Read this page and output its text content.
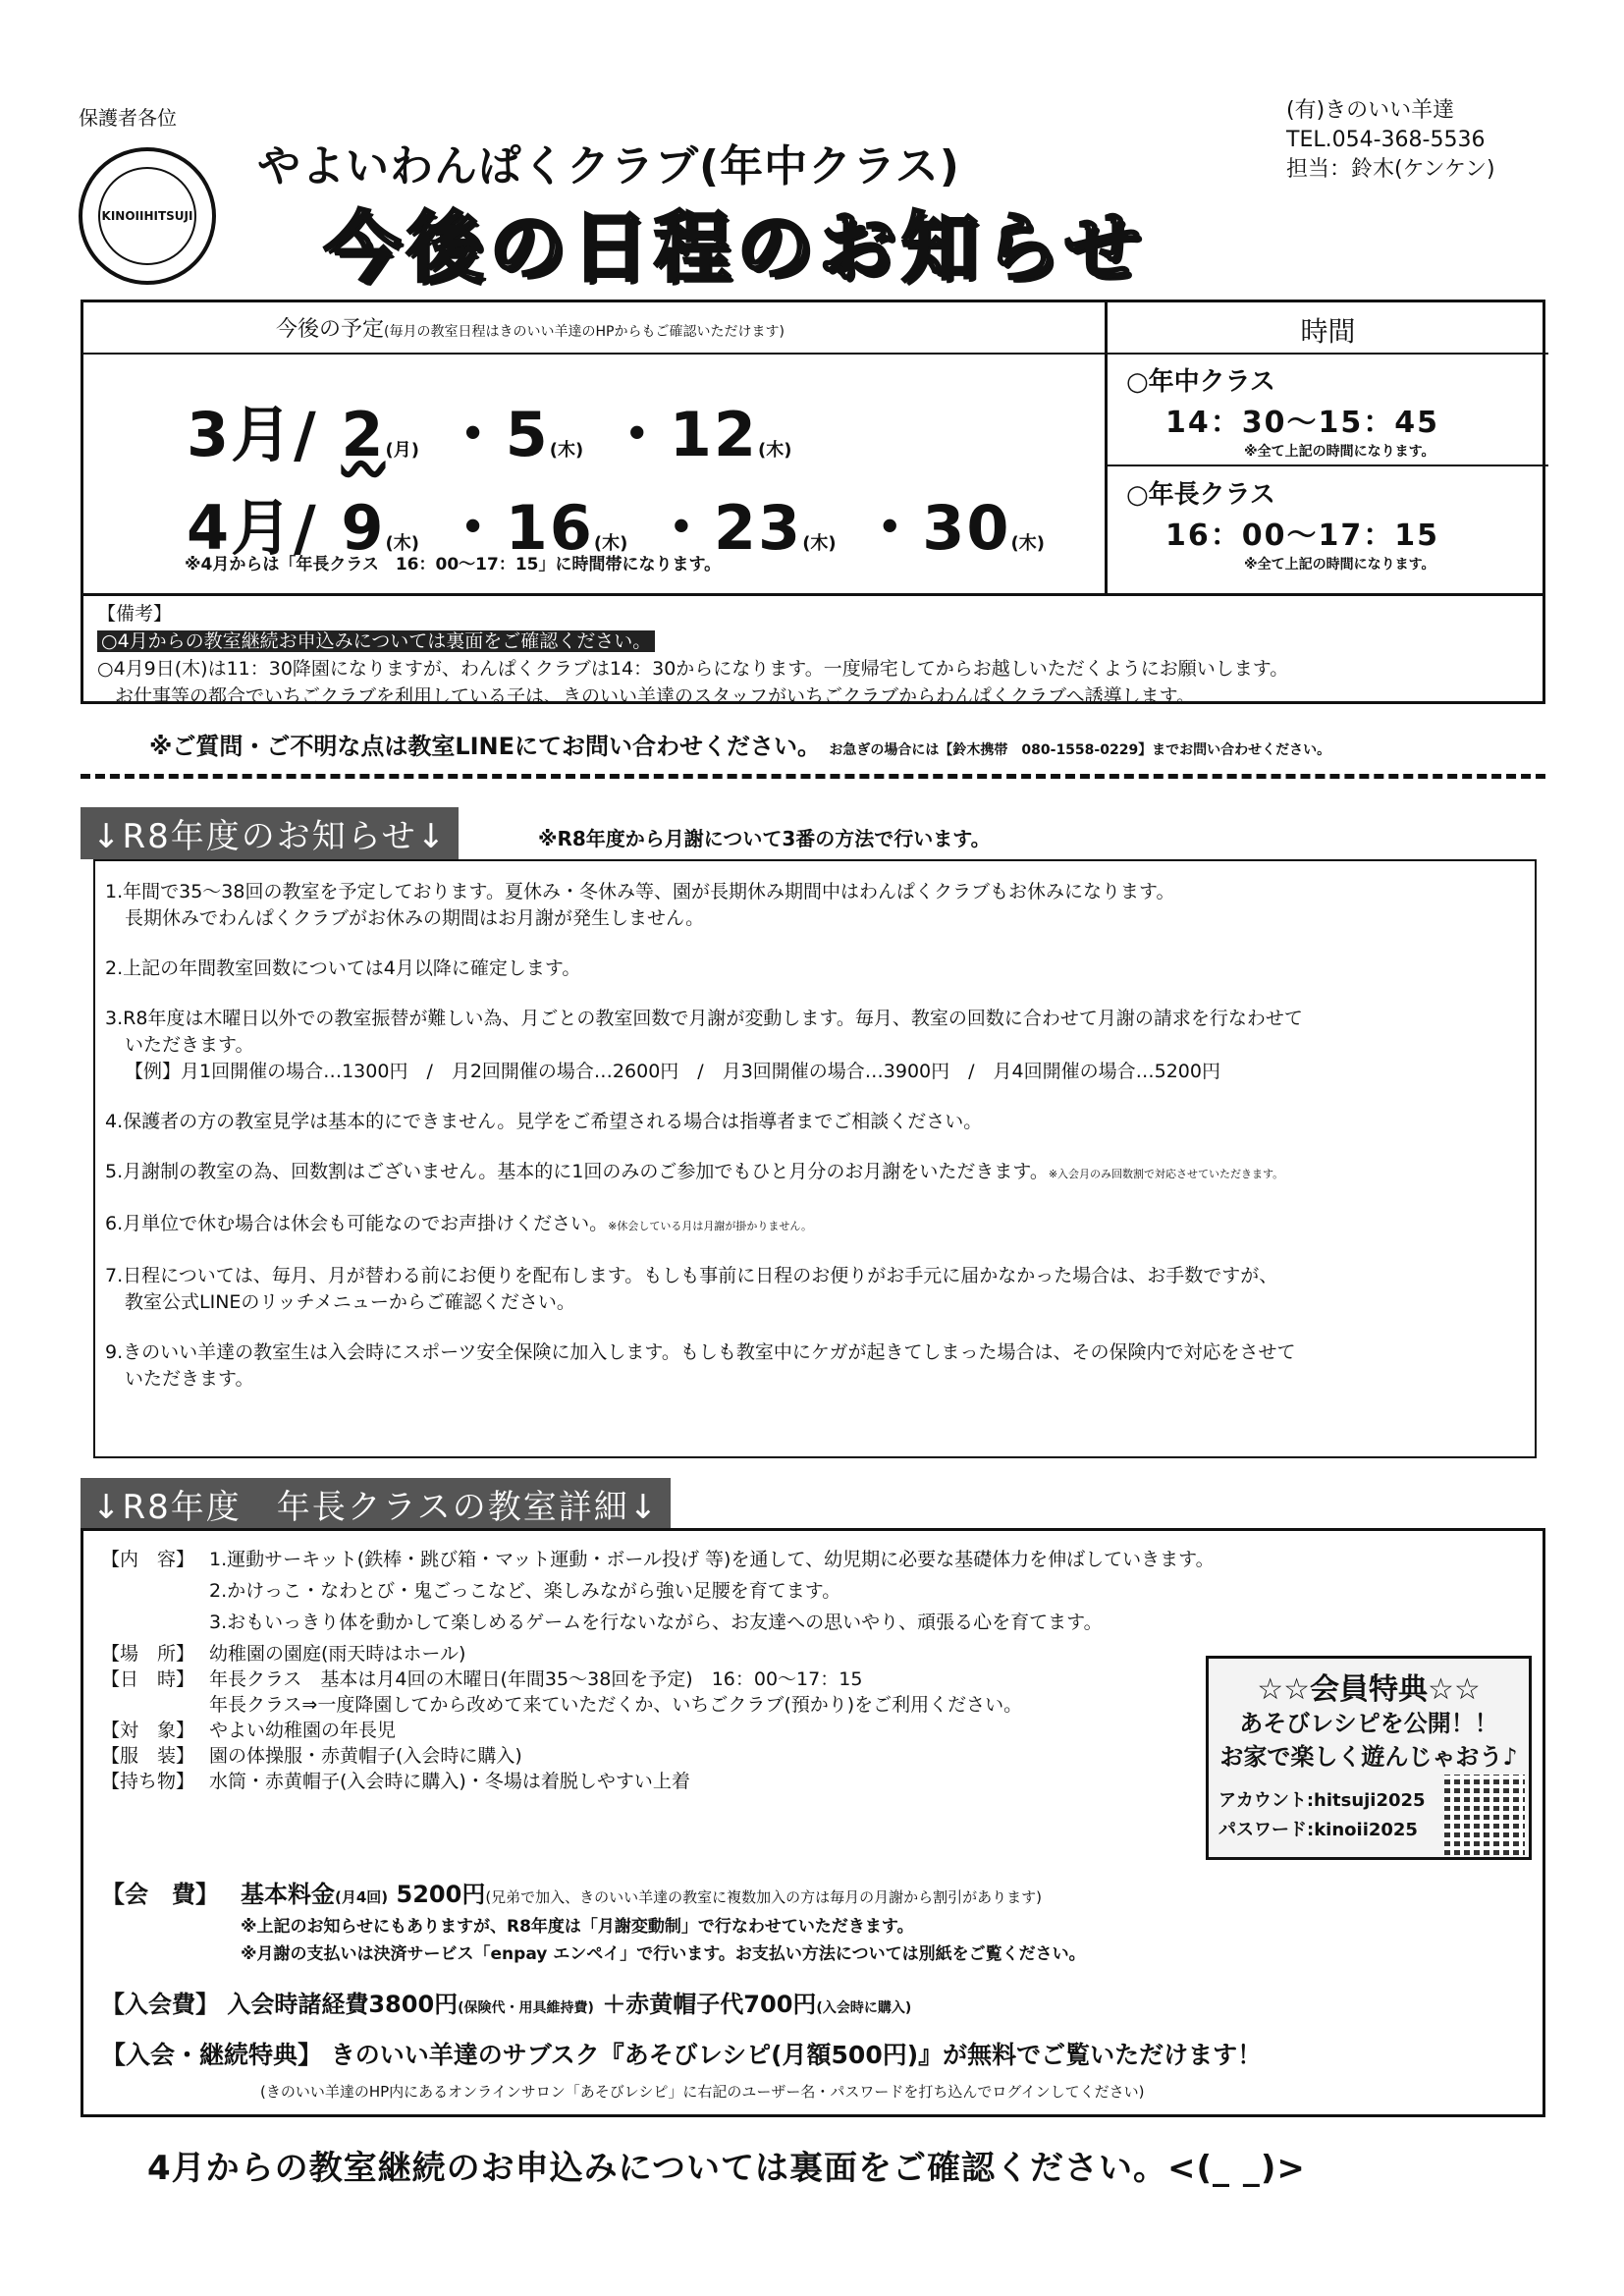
保護者各位
KINOIIHITSUJI
やよいわんぱくクラブ(年中クラス)
今後の日程のお知らせ
(有)きのいい羊達
TEL.054-368-5536
担当：鈴木(ケンケン)
今後の予定(毎月の教室日程はきのいい羊達のHPからもご確認いただけます)	時間
3月/ 2(月) ・5(木) ・12(木)
4月/ 9(木) ・16(木) ・23(木) ・30(木)
※4月からは「年長クラス　16：00～17：15」に時間帯になります。
○年中クラス
14：30～15：45
※全て上記の時間になります。
○年長クラス
16：00～17：15
※全て上記の時間になります。
【備考】
○4月からの教室継続お申込みについては裏面をご確認ください。
○4月9日(木)は11：30降園になりますが、わんぱくクラブは14：30からになります。一度帰宅してからお越しいただくようにお願いします。
お仕事等の都合でいちごクラブを利用している子は、きのいい羊達のスタッフがいちごクラブからわんぱくクラブへ誘導します。
※ご質問・ご不明な点は教室LINEにてお問い合わせください。 お急ぎの場合には【鈴木携帯　080-1558-0229】までお問い合わせください。
↓R8年度のお知らせ↓	※R8年度から月謝について3番の方法で行います。
1.年間で35～38回の教室を予定しております。夏休み・冬休み等、園が長期休み期間中はわんぱくクラブもお休みになります。
長期休みでわんぱくクラブがお休みの期間はお月謝が発生しません。
2.上記の年間教室回数については4月以降に確定します。
3.R8年度は木曜日以外での教室振替が難しい為、月ごとの教室回数で月謝が変動します。毎月、教室の回数に合わせて月謝の請求を行なわせて
いただきます。
【例】月1回開催の場合…1300円　/　月2回開催の場合…2600円　/　月3回開催の場合…3900円　/　月4回開催の場合…5200円
4.保護者の方の教室見学は基本的にできません。見学をご希望される場合は指導者までご相談ください。
5.月謝制の教室の為、回数割はございません。基本的に1回のみのご参加でもひと月分のお月謝をいただきます。※入会月のみ回数割で対応させていただきます。
6.月単位で休む場合は休会も可能なのでお声掛けください。※休会している月は月謝が掛かりません。
7.日程については、毎月、月が替わる前にお便りを配布します。もしも事前に日程のお便りがお手元に届かなかった場合は、お手数ですが、
教室公式LINEのリッチメニューからご確認ください。
9.きのいい羊達の教室生は入会時にスポーツ安全保険に加入します。もしも教室中にケガが起きてしまった場合は、その保険内で対応をさせて
いただきます。
↓R8年度　年長クラスの教室詳細↓
【内　容】 1.運動サーキット(鉄棒・跳び箱・マット運動・ボール投げ 等)を通して、幼児期に必要な基礎体力を伸ばしていきます。
2.かけっこ・なわとび・鬼ごっこなど、楽しみながら強い足腰を育てます。
3.おもいっきり体を動かして楽しめるゲームを行ないながら、お友達への思いやり、頑張る心を育てます。
【場　所】 幼稚園の園庭(雨天時はホール)
【日　時】 年長クラス　基本は月4回の木曜日(年間35～38回を予定)　16：00～17：15
年長クラス⇒一度降園してから改めて来ていただくか、いちごクラブ(預かり)をご利用ください。
【対　象】 やよい幼稚園の年長児
【服　装】 園の体操服・赤黄帽子(入会時に購入)
【持ち物】 水筒・赤黄帽子(入会時に購入)・冬場は着脱しやすい上着
【会　費】 基本料金(月4回) 5200円(兄弟で加入、きのいい羊達の教室に複数加入の方は毎月の月謝から割引があります)
※上記のお知らせにもありますが、R8年度は「月謝変動制」で行なわせていただきます。
※月謝の支払いは決済サービス「enpay エンペイ」で行います。お支払い方法については別紙をご覧ください。
【入会費】 入会時諸経費3800円(保険代・用具維持費) ＋赤黄帽子代700円(入会時に購入)
【入会・継続特典】 きのいい羊達のサブスク『あそびレシピ(月額500円)』が無料でご覧いただけます！
(きのいい羊達のHP内にあるオンラインサロン「あそびレシピ」に右記のユーザー名・パスワードを打ち込んでログインしてください)
☆☆会員特典☆☆
あそびレシピを公開！！
お家で楽しく遊んじゃおう♪
アカウント:hitsuji2025
パスワード:kinoii2025
4月からの教室継続のお申込みについては裏面をご確認ください。<(_ _)>
